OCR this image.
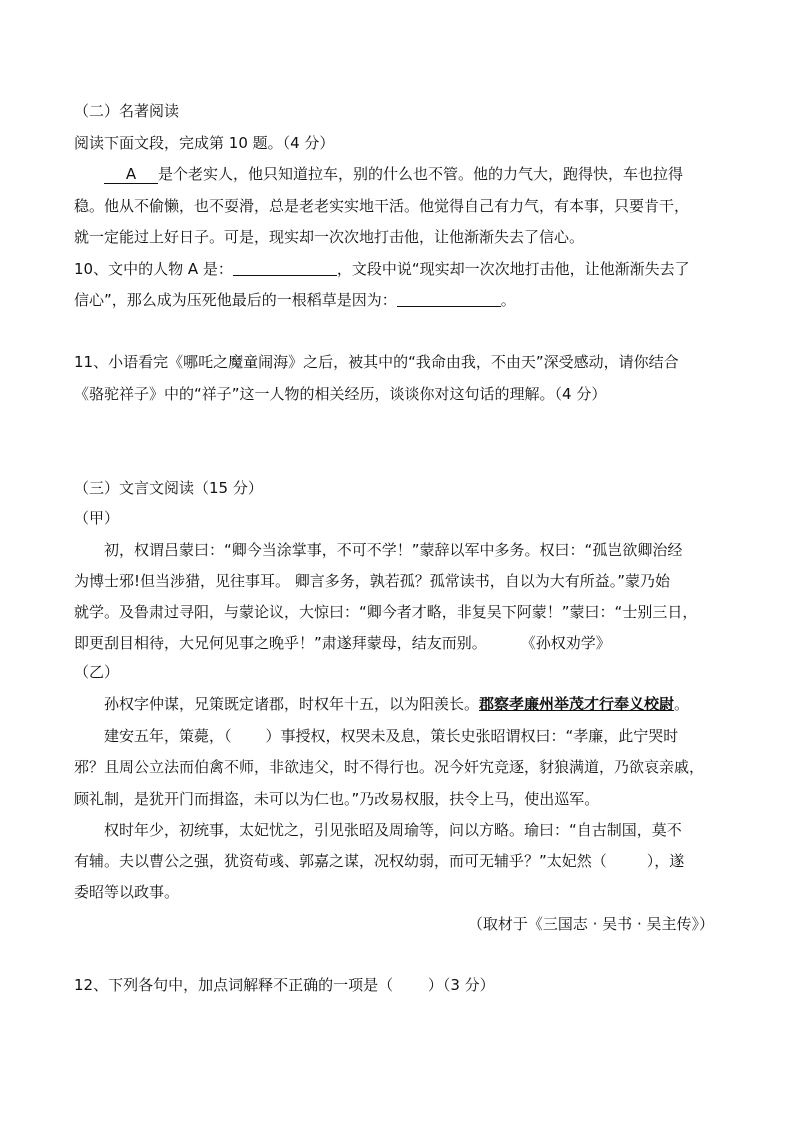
（二）名著阅读
阅读下面文段，完成第 10 题。（4 分）
A 是个老实人，他只知道拉车，别的什么也不管。他的力气大，跑得快，车也拉得
稳。他从不偷懒，也不耍滑，总是老老实实地干活。他觉得自己有力气，有本事，只要肯干，
就一定能过上好日子。可是，现实却一次次地打击他，让他渐渐失去了信心。
10、文中的人物 A 是：	，文段中说“现实却一次次地打击他，让他渐渐失去了
信心”，那么成为压死他最后的一根稻草是因为：	。
11、小语看完《哪吒之魔童闹海》之后，被其中的“我命由我，不由天”深受感动，请你结合
《骆驼祥子》中的“祥子”这一人物的相关经历，谈谈你对这句话的理解。（4 分）
（三）文言文阅读（15 分）
（甲）
初，权谓吕蒙曰：“卿今当涂掌事，不可不学！”蒙辞以军中多务。权曰：“孤岂欲卿治经
为博士邪!但当涉猎，见往事耳。 卿言多务，孰若孤？孤常读书，自以为大有所益。”蒙乃始
就学。及鲁肃过寻阳，与蒙论议，大惊曰：“卿今者才略，非复吴下阿蒙！”蒙曰：“士别三日，
即更刮目相待，大兄何见事之晚乎！”肃遂拜蒙母，结友而别。 《孙权劝学》
（乙）
孙权字仲谋，兄策既定诸郡，时权年十五，以为阳羡长。郡察孝廉州举茂才行奉义校尉。
建安五年，策薨，（ ）事授权，权哭未及息，策长史张昭谓权曰：“孝廉，此宁哭时
邪？且周公立法而伯禽不师，非欲违父，时不得行也。况今奸宄竞逐，豺狼满道，乃欲哀亲戚，
顾礼制，是犹开门而揖盗，未可以为仁也。”乃改易权服，扶令上马，使出巡军。
权时年少，初统事，太妃忧之，引见张昭及周瑜等，问以方略。瑜曰：“自古制国，莫不
有辅。夫以曹公之强，犹资荀彧、郭嘉之谋，况权幼弱，而可无辅乎？”太妃然（	），遂
委昭等以政事。
（取材于《三国志 · 吴书 · 吴主传》）
12、下列各句中，加点词解释不正确的一项是（　　 ）（3 分）
